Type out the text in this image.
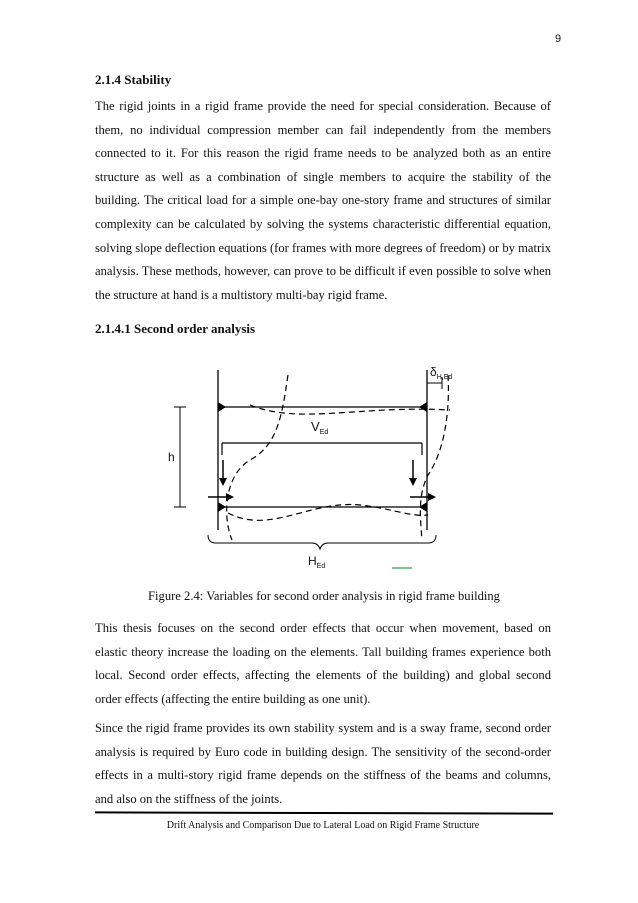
9
2.1.4 Stability

The rigid joints in a rigid frame provide the need for special consideration. Because of them, no individual compression member can fail independently from the members connected to it. For this reason the rigid frame needs to be analyzed both as an entire structure as well as a combination of single members to acquire the stability of the building. The critical load for a simple one-bay one-story frame and structures of similar complexity can be calculated by solving the systems characteristic differential equation, solving slope deflection equations (for frames with more degrees of freedom) or by matrix analysis. These methods, however, can prove to be difficult if even possible to solve when the structure at hand is a multistory multi-bay rigid frame.

2.1.4.1 Second order analysis
h
$\delta_{H,Ed}$
$V_{Ed}$
$H_{Ed}$
Figure 2.4: Variables for second order analysis in rigid frame building

This thesis focuses on the second order effects that occur when movement, based on elastic theory increase the loading on the elements. Tall building frames experience both local. Second order effects, affecting the elements of the building) and global second order effects (affecting the entire building as one unit).

Since the rigid frame provides its own stability system and is a sway frame, second order analysis is required by Euro code in building design. The sensitivity of the second-order effects in a multi-story rigid frame depends on the stiffness of the beams and columns, and also on the stiffness of the joints.

Drift Analysis and Comparison Due to Lateral Load on Rigid Frame Structure
